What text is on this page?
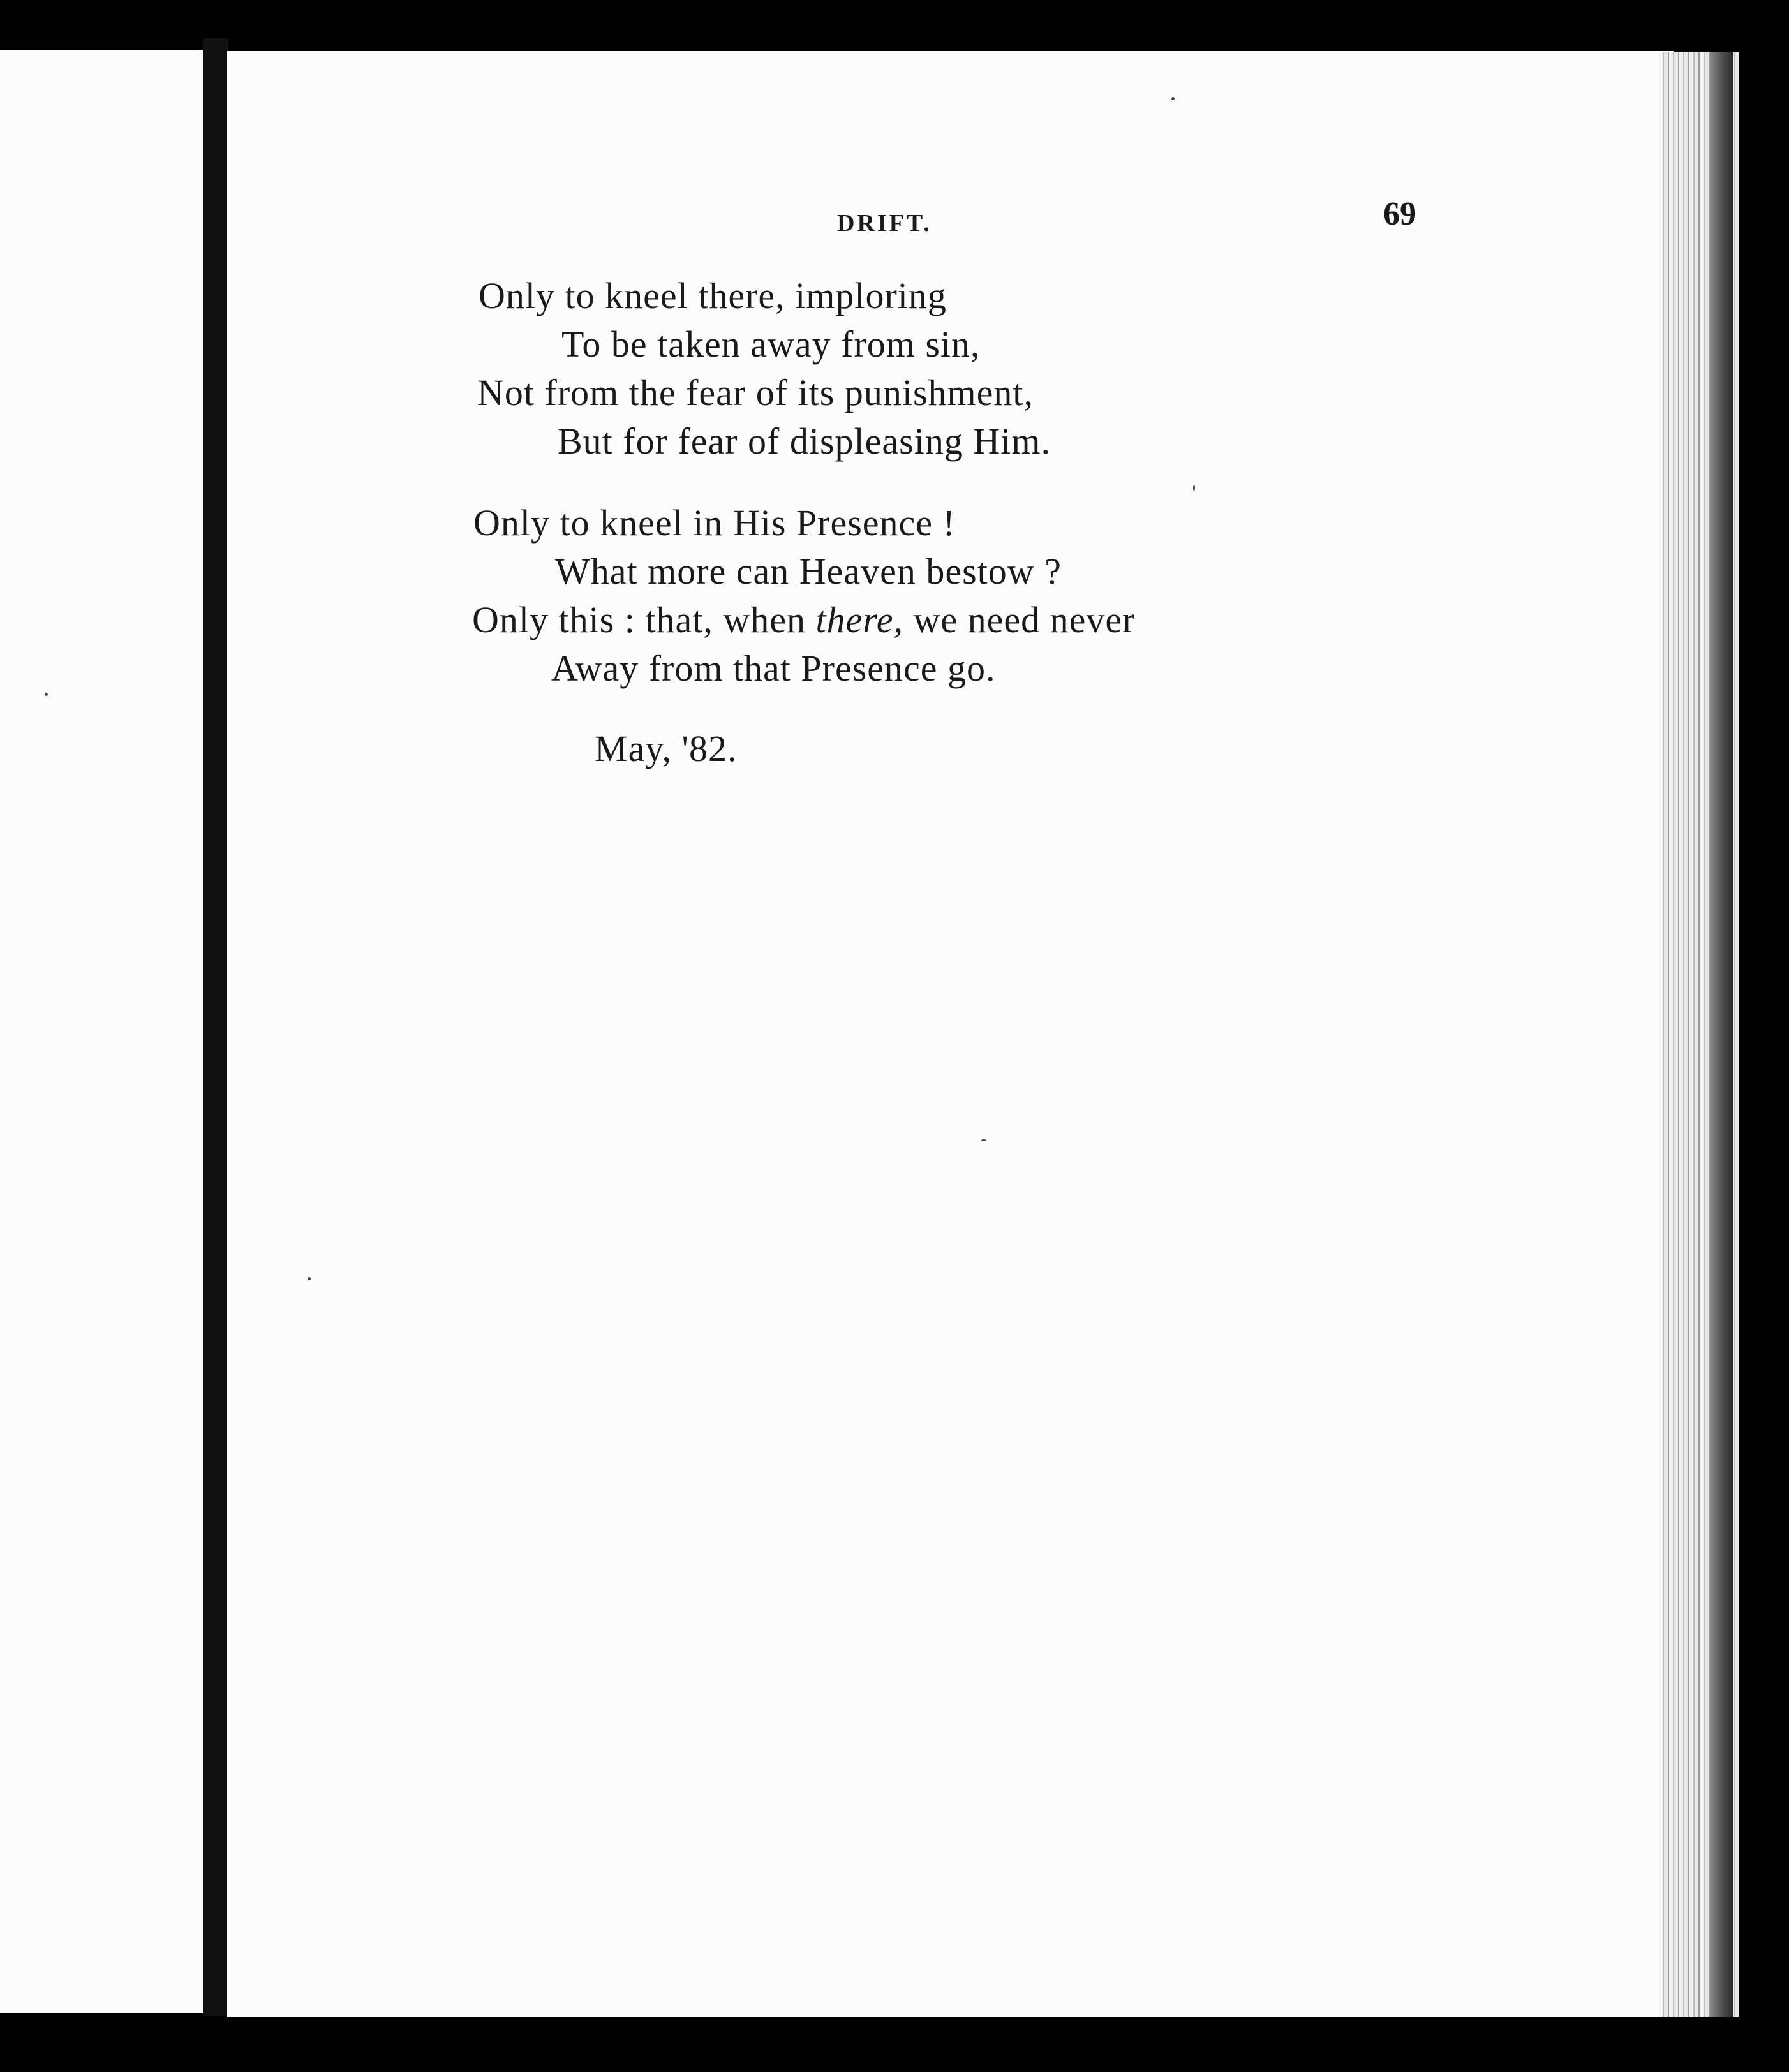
DRIFT.	69
Only to kneel there, imploring
To be taken away from sin,
Not from the fear of its punishment,
But for fear of displeasing Him.
Only to kneel in His Presence !
What more can Heaven bestow ?
Only this : that, when there, we need never
Away from that Presence go.
May, '82.
